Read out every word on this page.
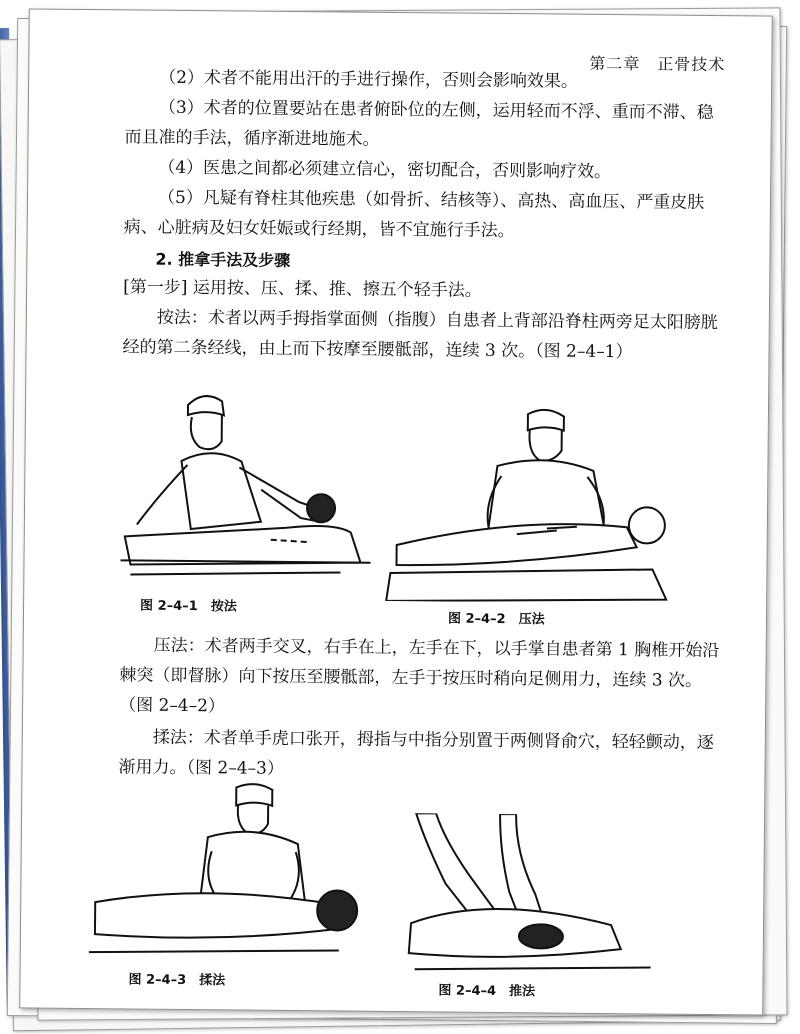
第二章　正骨技术
（2）术者不能用出汗的手进行操作，否则会影响效果。
（3）术者的位置要站在患者俯卧位的左侧，运用轻而不浮、重而不滞、稳而且准的手法，循序渐进地施术。
（4）医患之间都必须建立信心，密切配合，否则影响疗效。
（5）凡疑有脊柱其他疾患（如骨折、结核等）、高热、高血压、严重皮肤病、心脏病及妇女妊娠或行经期，皆不宜施行手法。
2. 推拿手法及步骤
[第一步] 运用按、压、揉、推、擦五个轻手法。
按法：术者以两手拇指掌面侧（指腹）自患者上背部沿脊柱两旁足太阳膀胱经的第二条经线，由上而下按摩至腰骶部，连续 3 次。（图 2–4–1）
图 2–4–1　 按法
图 2–4–2　 压法
压法：术者两手交叉，右手在上，左手在下，以手掌自患者第 1 胸椎开始沿棘突（即督脉）向下按压至腰骶部，左手于按压时稍向足侧用力，连续 3 次。（图 2–4–2）
揉法：术者单手虎口张开，拇指与中指分别置于两侧肾俞穴，轻轻颤动，逐渐用力。（图 2–4–3）
图 2–4–3　 揉法
图 2–4–4　 推法
